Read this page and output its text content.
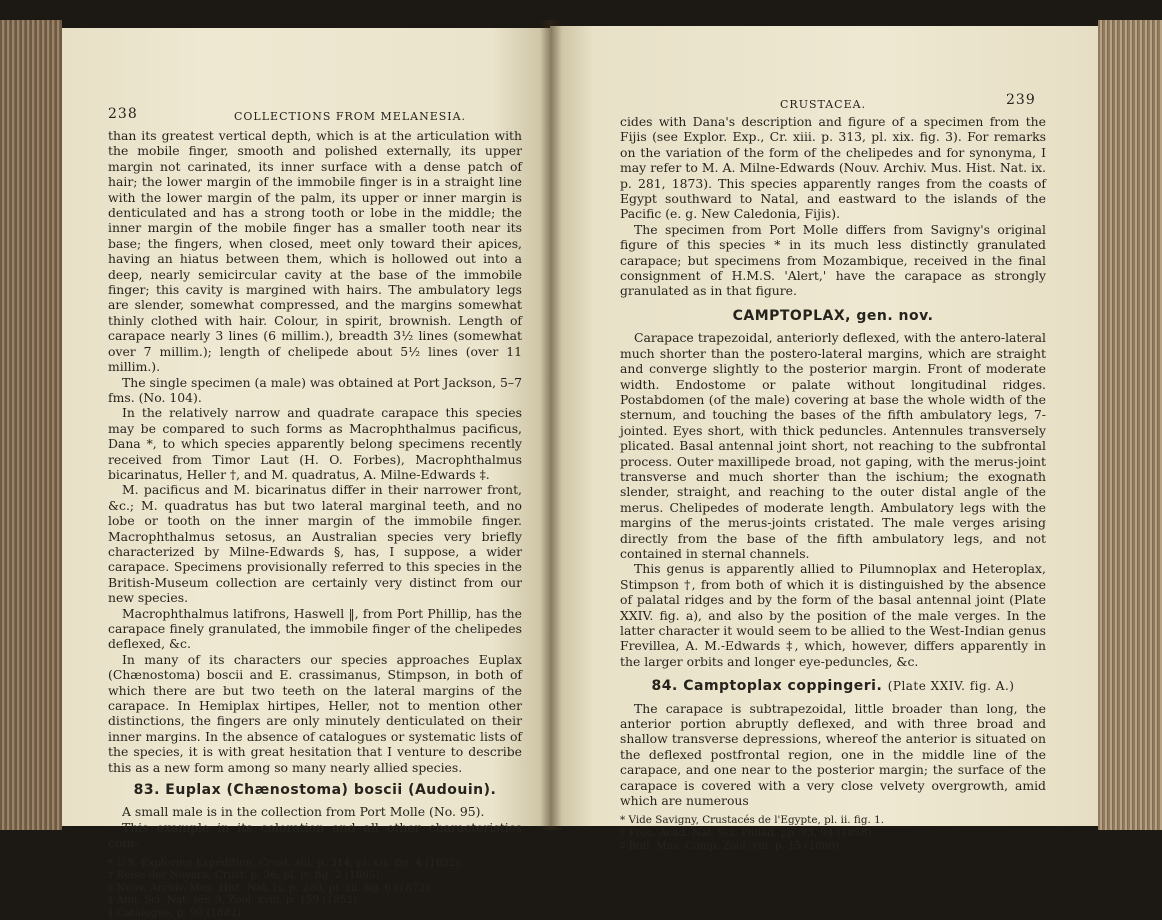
238	COLLECTIONS FROM MELANESIA.

than its greatest vertical depth, which is at the articulation with the mobile finger, smooth and polished externally, its upper margin not carinated, its inner surface with a dense patch of hair; the lower margin of the immobile finger is in a straight line with the lower margin of the palm, its upper or inner margin is denticulated and has a strong tooth or lobe in the middle; the inner margin of the mobile finger has a smaller tooth near its base; the fingers, when closed, meet only toward their apices, having an hiatus between them, which is hollowed out into a deep, nearly semicircular cavity at the base of the immobile finger; this cavity is margined with hairs. The ambulatory legs are slender, somewhat compressed, and the margins somewhat thinly clothed with hair. Colour, in spirit, brownish. Length of carapace nearly 3 lines (6 millim.), breadth 3½ lines (somewhat over 7 millim.); length of chelipede about 5½ lines (over 11 millim.).

The single specimen (a male) was obtained at Port Jackson, 5–7 fms. (No. 104).

In the relatively narrow and quadrate carapace this species may be compared to such forms as Macrophthalmus pacificus, Dana *, to which species apparently belong specimens recently received from Timor Laut (H. O. Forbes), Macrophthalmus bicarinatus, Heller †, and M. quadratus, A. Milne-Edwards ‡.

M. pacificus and M. bicarinatus differ in their narrower front, &c.; M. quadratus has but two lateral marginal teeth, and no lobe or tooth on the inner margin of the immobile finger. Macrophthalmus setosus, an Australian species very briefly characterized by Milne-Edwards §, has, I suppose, a wider carapace. Specimens provisionally referred to this species in the British-Museum collection are certainly very distinct from our new species.

Macrophthalmus latifrons, Haswell ‖, from Port Phillip, has the carapace finely granulated, the immobile finger of the chelipedes deflexed, &c.

In many of its characters our species approaches Euplax (Chænostoma) boscii and E. crassimanus, Stimpson, in both of which there are but two teeth on the lateral margins of the carapace. In Hemiplax hirtipes, Heller, not to mention other distinctions, the fingers are only minutely denticulated on their inner margins. In the absence of catalogues or systematic lists of the species, it is with great hesitation that I venture to describe this as a new form among so many nearly allied species.

83. Euplax (Chænostoma) boscii (Audouin).

A small male is in the collection from Port Molle (No. 95).

This example in its coloration and all other characteristics coin-

* U.S. Exploring Expedition, Crust. xiii. p. 314, pl. xix. fig. 4 (1852).
† Reise der Novara, Crust. p. 36, pl. iv. fig. 2 (1865).
‡ Nouv. Archiv. Mus. Hist. Nat. ix. p. 280, pl. xii. fig. 6 (1873).
§ Ann. Sci. Nat. sér. 3, Zool. xviii. p. 159 (1852).
‖ Catalogue, p. 90 (1882).
CRUSTACEA.	239

cides with Dana's description and figure of a specimen from the Fijis (see Explor. Exp., Cr. xiii. p. 313, pl. xix. fig. 3). For remarks on the variation of the form of the chelipedes and for synonyma, I may refer to M. A. Milne-Edwards (Nouv. Archiv. Mus. Hist. Nat. ix. p. 281, 1873). This species apparently ranges from the coasts of Egypt southward to Natal, and eastward to the islands of the Pacific (e. g. New Caledonia, Fijis).

The specimen from Port Molle differs from Savigny's original figure of this species * in its much less distinctly granulated carapace; but specimens from Mozambique, received in the final consignment of H.M.S. 'Alert,' have the carapace as strongly granulated as in that figure.

CAMPTOPLAX, gen. nov.

Carapace trapezoidal, anteriorly deflexed, with the antero-lateral much shorter than the postero-lateral margins, which are straight and converge slightly to the posterior margin. Front of moderate width. Endostome or palate without longitudinal ridges. Postabdomen (of the male) covering at base the whole width of the sternum, and touching the bases of the fifth ambulatory legs, 7-jointed. Eyes short, with thick peduncles. Antennules transversely plicated. Basal antennal joint short, not reaching to the subfrontal process. Outer maxillipede broad, not gaping, with the merus-joint transverse and much shorter than the ischium; the exognath slender, straight, and reaching to the outer distal angle of the merus. Chelipedes of moderate length. Ambulatory legs with the margins of the merus-joints cristated. The male verges arising directly from the base of the fifth ambulatory legs, and not contained in sternal channels.

This genus is apparently allied to Pilumnoplax and Heteroplax, Stimpson †, from both of which it is distinguished by the absence of palatal ridges and by the form of the basal antennal joint (Plate XXIV. fig. a), and also by the position of the male verges. In the latter character it would seem to be allied to the West-Indian genus Frevillea, A. M.-Edwards ‡, which, however, differs apparently in the larger orbits and longer eye-peduncles, &c.

84. Camptoplax coppingeri. (Plate XXIV. fig. A.)

The carapace is subtrapezoidal, little broader than long, the anterior portion abruptly deflexed, and with three broad and shallow transverse depressions, whereof the anterior is situated on the deflexed postfrontal region, one in the middle line of the carapace, and one near to the posterior margin; the surface of the carapace is covered with a very close velvety overgrowth, amid which are numerous

* Vide Savigny, Crustacés de l'Egypte, pl. ii. fig. 1.
† Proc. Acad. Nat. Sci. Philad. pp. 93, 94 (1858).
‡ Bull. Mus. Comp. Zool. viii. p. 15 (1880).
